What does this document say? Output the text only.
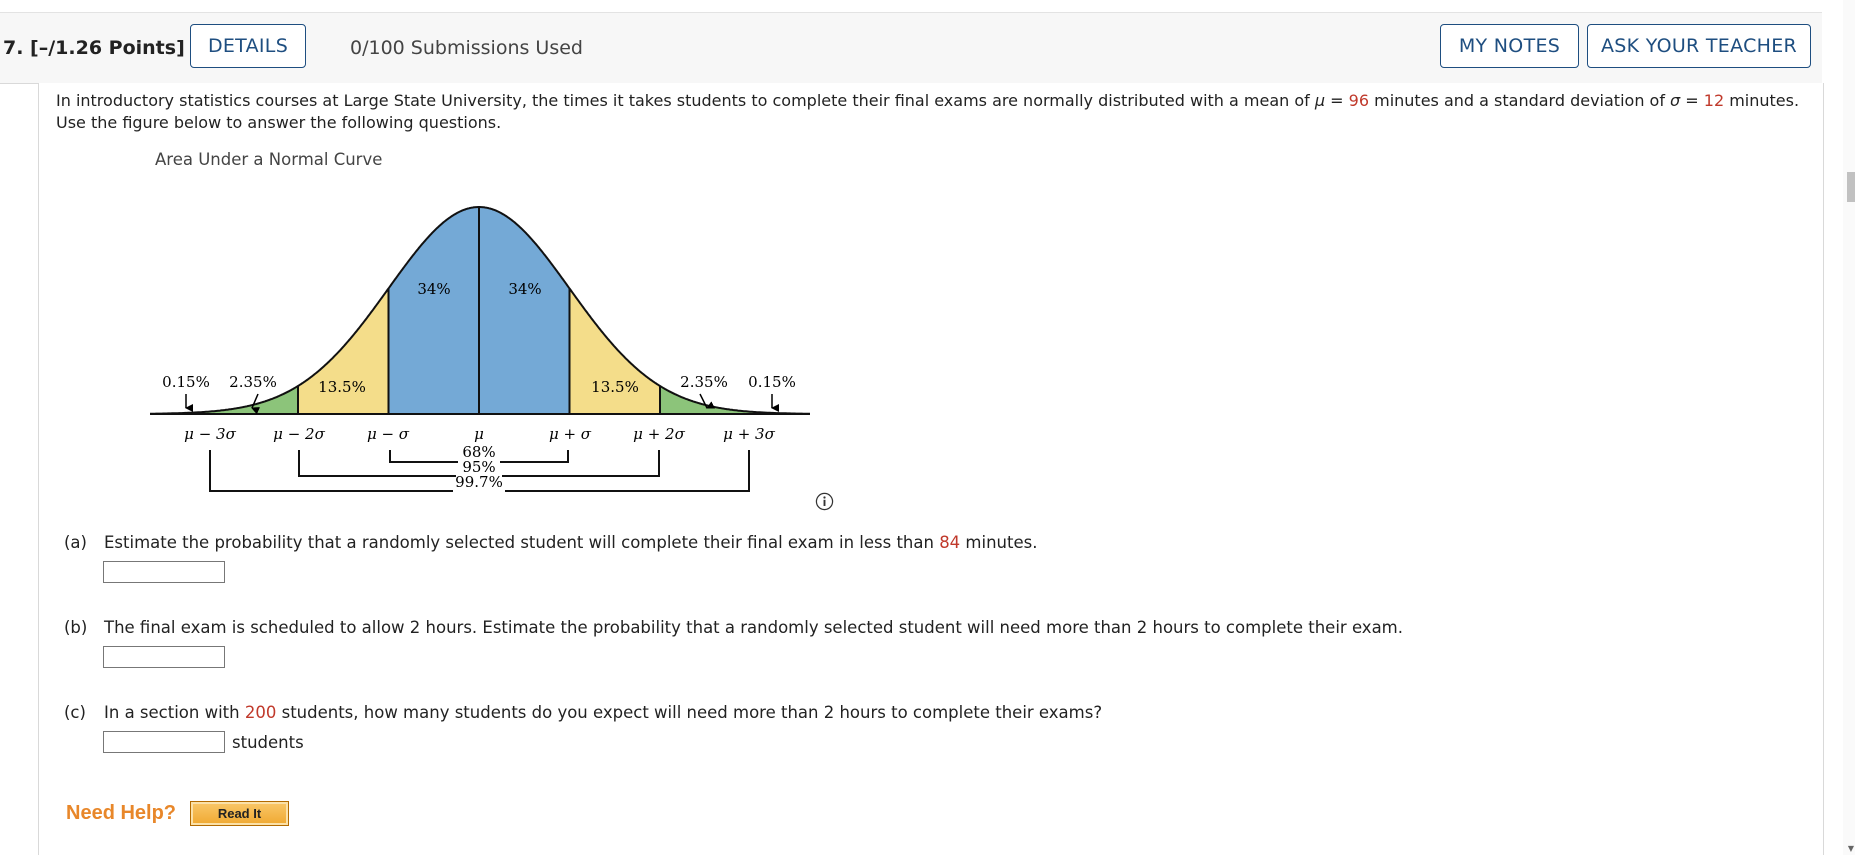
7. [–/1.26 Points]	DETAILS	0/100 Submissions Used	MY NOTES	ASK YOUR TEACHER
In introductory statistics courses at Large State University, the times it takes students to complete their final exams are normally distributed with a mean of μ = 96 minutes and a standard deviation of σ = 12 minutes. Use the figure below to answer the following questions.
Area Under a Normal Curve
0.15% 2.35%	13.5%
34%	34%
13.5%	2.35% 0.15%
μ − 3σ μ − 2σ	μ − σ	μ	μ + σ	μ + 2σ	μ + 3σ
68%
95%
99.7%
(a) Estimate the probability that a randomly selected student will complete their final exam in less than 84 minutes.
(b) The final exam is scheduled to allow 2 hours. Estimate the probability that a randomly selected student will need more than 2 hours to complete their exam.
(c) In a section with 200 students, how many students do you expect will need more than 2 hours to complete their exams?
students
Need Help?	Read It
▼
